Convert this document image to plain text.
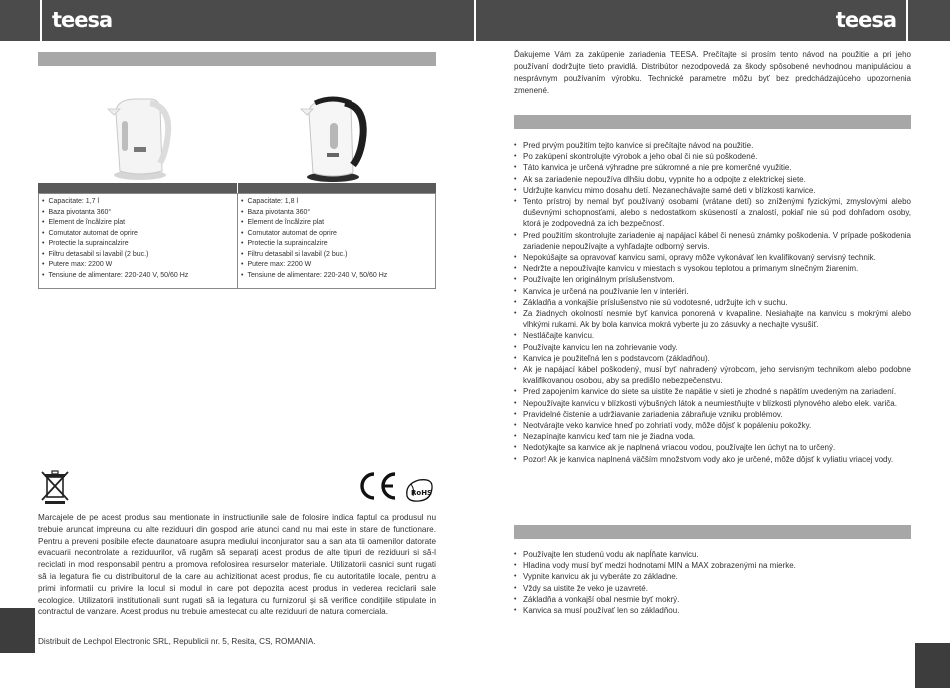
teesa	teesa
• Capacitate: 1,7 l
• Baza pivotanta 360°
• Element de încălzire plat
• Comutator automat de oprire
• Protectie la supraincalzire
• Filtru detasabil si lavabil (2 buc.)
• Putere max: 2200 W
• Tensiune de alimentare: 220-240 V, 50/60 Hz
• Capacitate: 1,8 l
• Baza pivotanta 360°
• Element de încălzire plat
• Comutator automat de oprire
• Protectie la supraincalzire
• Filtru detasabil si lavabil (2 buc.)
• Putere max: 2200 W
• Tensiune de alimentare: 220-240 V, 50/60 Hz
RoHS
Marcajele de pe acest produs sau mentionate in instructiunile sale de folosire indica faptul ca produsul nu trebuie aruncat impreuna cu alte reziduuri din gospod arie atunci cand nu mai este in stare de functionare. Pentru a preveni posibile efecte daunatoare asupra mediului inconjurator sau a san ata tii oamenilor datorate evacuarii necontrolate a reziduurilor, vă rugăm să separați acest produs de alte tipuri de reziduuri si să-l reciclati in mod responsabil pentru a promova refolosirea resurselor materiale. Utilizatorii casnici sunt rugati să ia legatura fie cu distribuitorul de la care au achizitionat acest produs, fie cu autoritatile locale, pentru a primi informatii cu privire la locul si modul in care pot depozita acest produs in vederea reciclarii sale ecologice. Utilizatorii institutionali sunt rugati să ia legatura cu furnizorul și să verifice condițiile stipulate in contractul de vanzare. Acest produs nu trebuie amestecat cu alte reziduuri de natura comerciala.
Distribuit de Lechpol Electronic SRL, Republicii nr. 5, Resita, CS, ROMANIA.
Ďakujeme Vám za zakúpenie zariadenia TEESA. Prečítajte si prosím tento návod na použitie a pri jeho používaní dodržujte tieto pravidlá. Distribútor nezodpovedá za škody spôsobené nevhodnou manipuláciou a nesprávnym používaním výrobku. Technické parametre môžu byť bez predchádzajúceho upozornenia zmenené.
• Pred prvým použitím tejto kanvice si prečítajte návod na použitie.
• Po zakúpení skontrolujte výrobok a jeho obal či nie sú poškodené.
• Táto kanvica je určená výhradne pre súkromné a nie pre komerčné využitie.
• Ak sa zariadenie nepoužíva dlhšiu dobu, vypnite ho a odpojte z elektrickej siete.
• Udržujte kanvicu mimo dosahu detí. Nezanechávajte samé deti v blízkosti kanvice.
• Tento prístroj by nemal byť používaný osobami (vrátane detí) so zníženými fyzickými, zmyslovými alebo duševnými schopnosťami, alebo s nedostatkom skúseností a znalostí, pokiaľ nie sú pod dohľadom osoby, ktorá je zodpovedná za ich bezpečnosť.
• Pred použitím skontrolujte zariadenie aj napájací kábel či nenesú známky poškodenia. V prípade poškodenia zariadenie nepoužívajte a vyhľadajte odborný servis.
• Nepokúšajte sa opravovať kanvicu sami, opravy môže vykonávať len kvalifikovaný servisný technik.
• Nedržte a nepoužívajte kanvicu v miestach s vysokou teplotou a primanym slnečným žiarenim.
• Používajte len originálnym príslušenstvom.
• Kanvica je určená na používanie len v interiéri.
• Základňa a vonkajšie príslušenstvo nie sú vodotesné, udržujte ich v suchu.
• Za žiadnych okolností nesmie byť kanvica ponorená v kvapaline. Nesiahajte na kanvicu s mokrými alebo vlhkými rukami. Ak by bola kanvica mokrá vyberte ju zo zásuvky a nechajte vysušiť.
• Nestláčajte kanvicu.
• Používajte kanvicu len na zohrievanie vody.
• Kanvica je použiteľná len s podstavcom (základňou).
• Ak je napájací kábel poškodený, musí byť nahradený výrobcom, jeho servisným technikom alebo podobne kvalifikovanou osobou, aby sa predišlo nebezpečenstvu.
• Pred zapojením kanvice do siete sa uistite že napätie v sieti je zhodné s napätím uvedeným na zariadení.
• Nepoužívajte kanvicu v blízkosti výbušných látok a neumiestňujte v blízkosti plynového alebo elek. variča.
• Pravidelné čistenie a udržiavanie zariadenia zábraňuje vzniku problémov.
• Neotvárajte veko kanvice hneď po zohriatí vody, môže dôjsť k popáleniu pokožky.
• Nezapínajte kanvicu keď tam nie je žiadna voda.
• Nedotýkajte sa kanvice ak je naplnená vriacou vodou, používajte len úchyt na to určený.
• Pozor! Ak je kanvica naplnená väčším množstvom vody ako je určené, môže dôjsť k vyliatiu vriacej vody.
• Používajte len studenú vodu ak napĺňate kanvicu.
• Hladina vody musí byť medzi hodnotami MIN a MAX zobrazenými na mierke.
• Vypnite kanvicu ak ju vyberáte zo základne.
• Vždy sa uistite že veko je uzavreté.
• Základňa a vonkajší obal nesmie byť mokrý.
• Kanvica sa musí používať len so základňou.
